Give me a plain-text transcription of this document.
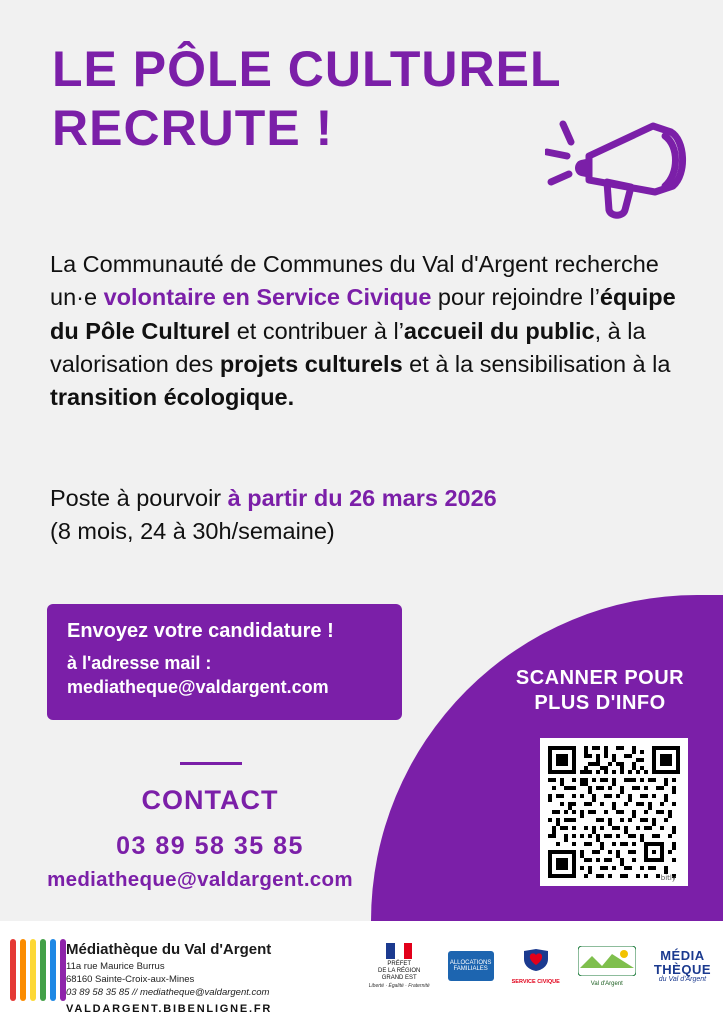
LE PÔLE CULTUREL
RECRUTE !

La Communauté de Communes du Val d'Argent recherche un·e volontaire en Service Civique pour rejoindre l’équipe du Pôle Culturel et contribuer à l’accueil du public, à la valorisation des projets culturels et à la sensibilisation à la transition écologique.

Poste à pourvoir à partir du 26 mars 2026
(8 mois, 24 à 30h/semaine)
Envoyez votre candidature !
à l'adresse mail :
mediatheque@valdargent.com	SCANNER POUR
PLUS D'INFO
bitly
CONTACT
03 89 58 35 85
mediatheque@valdargent.com
Médiathèque du Val d'Argent
11a rue Maurice Burrus
68160 Sainte-Croix-aux-Mines
03 89 58 35 85 // mediatheque@valdargent.com
VALDARGENT.BIBENLIGNE.FR
PRÉFET
DE LA RÉGION
GRAND EST
Liberté · Égalité · Fraternité
ALLOCATIONS
FAMILIALES
SERVICE CIVIQUE	Val d'Argent
MÉDIA
THÈQUE
du Val d'Argent
